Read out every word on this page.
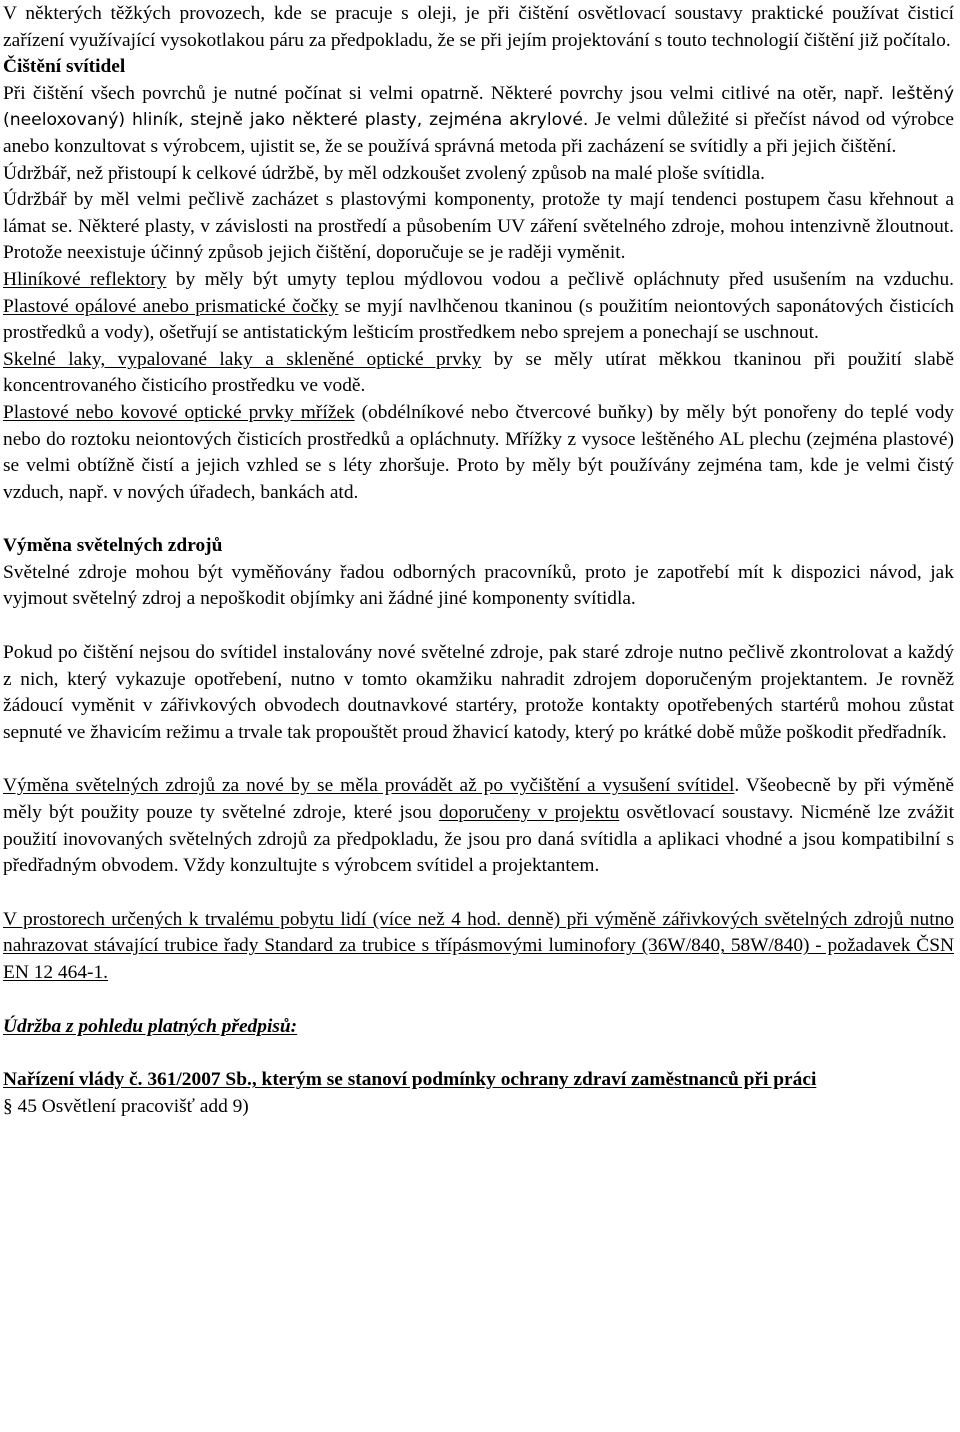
V některých těžkých provozech, kde se pracuje s oleji, je při čištění osvětlovací soustavy praktické používat čisticí zařízení využívající vysokotlakou páru za předpokladu, že se při jejím projektování s touto technologií čištění již počítalo.

Čištění svítidel

Při čištění všech povrchů je nutné počínat si velmi opatrně. Některé povrchy jsou velmi citlivé na otěr, např. leštěný (neeloxovaný) hliník, stejně jako některé plasty, zejména akrylové. Je velmi důležité si přečíst návod od výrobce anebo konzultovat s výrobcem, ujistit se, že se používá správná metoda při zacházení se svítidly a při jejich čištění.

Údržbář, než přistoupí k celkové údržbě, by měl odzkoušet zvolený způsob na malé ploše svítidla.

Údržbář by měl velmi pečlivě zacházet s plastovými komponenty, protože ty mají tendenci postupem času křehnout a lámat se. Některé plasty, v závislosti na prostředí a působením UV záření světelného zdroje, mohou intenzivně žloutnout. Protože neexistuje účinný způsob jejich čištění, doporučuje se je raději vyměnit.

Hliníkové reflektory by měly být umyty teplou mýdlovou vodou a pečlivě opláchnuty před usušením na vzduchu. Plastové opálové anebo prismatické čočky se myjí navlhčenou tkaninou (s použitím neiontových saponátových čisticích prostředků a vody), ošetřují se antistatickým lešticím prostředkem nebo sprejem a ponechají se uschnout.

Skelné laky, vypalované laky a skleněné optické prvky by se měly utírat měkkou tkaninou při použití slabě koncentrovaného čisticího prostředku ve vodě.

Plastové nebo kovové optické prvky mřížek (obdélníkové nebo čtvercové buňky) by měly být ponořeny do teplé vody nebo do roztoku neiontových čisticích prostředků a opláchnuty. Mřížky z vysoce leštěného AL plechu (zejména plastové) se velmi obtížně čistí a jejich vzhled se s léty zhoršuje. Proto by měly být používány zejména tam, kde je velmi čistý vzduch, např. v nových úřadech, bankách atd.

Výměna světelných zdrojů

Světelné zdroje mohou být vyměňovány řadou odborných pracovníků, proto je zapotřebí mít k dispozici návod, jak vyjmout světelný zdroj a nepoškodit objímky ani žádné jiné komponenty svítidla.

Pokud po čištění nejsou do svítidel instalovány nové světelné zdroje, pak staré zdroje nutno pečlivě zkontrolovat a každý z nich, který vykazuje opotřebení, nutno v tomto okamžiku nahradit zdrojem doporučeným projektantem. Je rovněž žádoucí vyměnit v zářivkových obvodech doutnavkové startéry, protože kontakty opotřebených startérů mohou zůstat sepnuté ve žhavicím režimu a trvale tak propouštět proud žhavicí katody, který po krátké době může poškodit předřadník.

Výměna světelných zdrojů za nové by se měla provádět až po vyčištění a vysušení svítidel. Všeobecně by při výměně měly být použity pouze ty světelné zdroje, které jsou doporučeny v projektu osvětlovací soustavy. Nicméně lze zvážit použití inovovaných světelných zdrojů za předpokladu, že jsou pro daná svítidla a aplikaci vhodné a jsou kompatibilní s předřadným obvodem. Vždy konzultujte s výrobcem svítidel a projektantem.

V prostorech určených k trvalému pobytu lidí (více než 4 hod. denně) při výměně zářivkových světelných zdrojů nutno nahrazovat stávající trubice řady Standard za trubice s třípásmovými luminofory (36W/840, 58W/840) - požadavek ČSN EN 12 464-1.

Údržba z pohledu platných předpisů:

Nařízení vlády č. 361/2007 Sb., kterým se stanoví podmínky ochrany zdraví zaměstnanců při práci

§ 45 Osvětlení pracovišť add 9)
